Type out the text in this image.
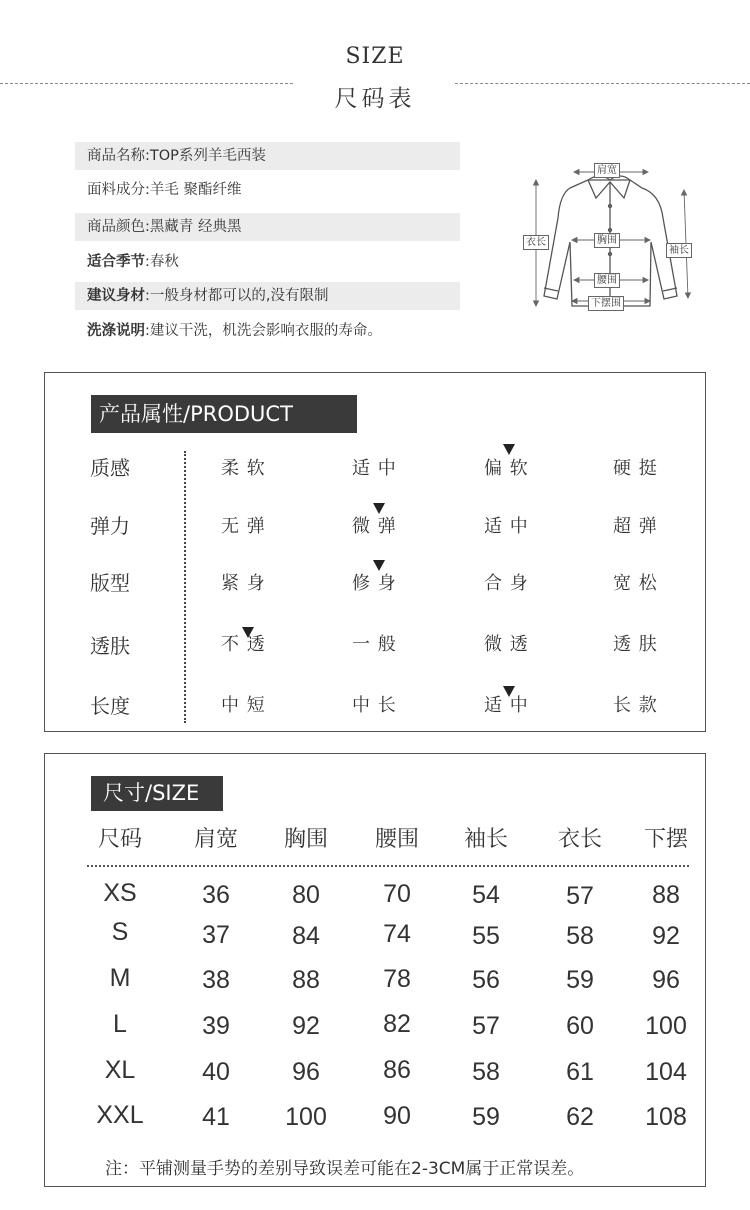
SIZE
尺码表
商品名称:TOP系列羊毛西装
面料成分:羊毛 聚酯纤维
商品颜色:黑藏青 经典黑
适合季节:春秋
建议身材:一般身材都可以的,没有限制
洗涤说明:建议干洗，机洗会影响衣服的寿命。
肩宽
胸围
衣长
袖长
腰围
下摆围
产品属性/PRODUCT
质感	柔 软	适 中	偏 软	硬 挺
弹力	无 弹	微 弹	适 中	超 弹
版型	紧 身	修 身	合 身	宽 松
透肤	不 透	一 般	微 透	透 肤
长度	中 短	中 长	适 中	长 款
尺寸/SIZE
尺码	肩宽	胸围	腰围	袖长	衣长	下摆
XS	36	80	70	54	57	88
S	37	84	74	55	58	92
M	38	88	78	56	59	96
L	39	92	82	57	60	100
XL	40	96	86	58	61	104
XXL	41	100	90	59	62	108
注：平铺测量手势的差别导致误差可能在2-3CM属于正常误差。
